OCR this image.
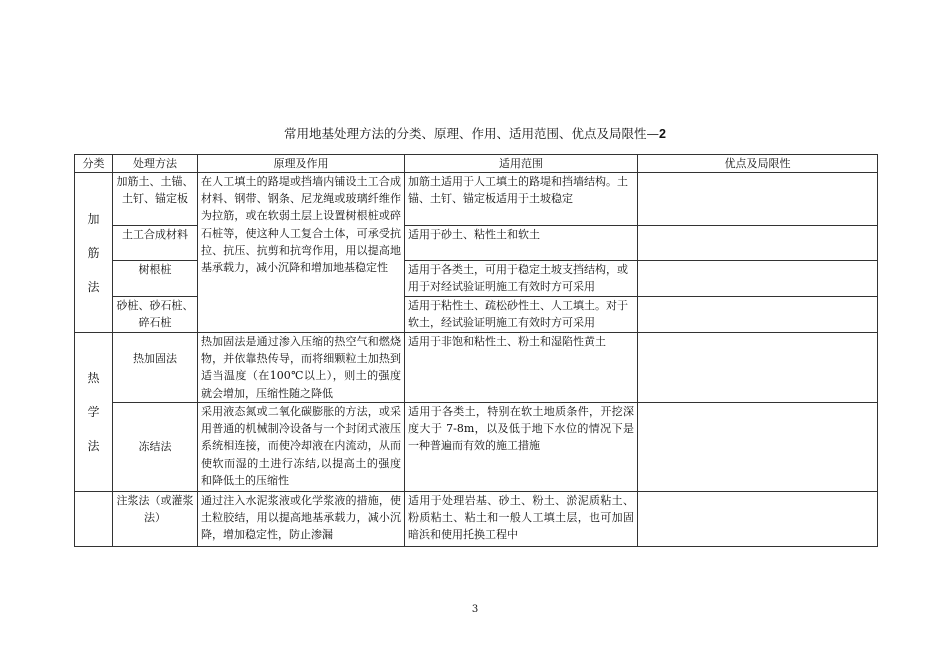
常用地基处理方法的分类、原理、作用、适用范围、优点及局限性—2
分类	处理方法	原理及作用	适用范围	优点及局限性

加
筋
法	加筋土、土锚、土钉、锚定板	在人工填土的路堤或挡墙内铺设土工合成材料、钢带、钢条、尼龙绳或玻璃纤维作为拉筋，或在软弱土层上设置树根桩或碎石桩等，使这种人工复合土体，可承受抗拉、抗压、抗剪和抗弯作用，用以提高地基承载力，减小沉降和增加地基稳定性	加筋土适用于人工填土的路堤和挡墙结构。土锚、土钉、锚定板适用于土坡稳定	
	土工合成材料		适用于砂土、粘性土和软土	
	树根桩		适用于各类土，可用于稳定土坡支挡结构，或用于对经试验证明施工有效时方可采用	
	砂桩、砂石桩、碎石桩		适用于粘性土、疏松砂性土、人工填土。对于软土，经试验证明施工有效时方可采用	

热
学
法	热加固法	热加固法是通过渗入压缩的热空气和燃烧物，并依靠热传导，而将细颗粒土加热到适当温度（在100℃以上），则土的强度就会增加，压缩性随之降低	适用于非饱和粘性土、粉土和湿陷性黄土	
	冻结法	采用液态氮或二氧化碳膨胀的方法，或采用普通的机械制冷设备与一个封闭式液压系统相连接，而使冷却液在内流动，从而使软而湿的土进行冻结,以提高土的强度和降低土的压缩性	适用于各类土，特别在软土地质条件，开挖深度大于 7-8m，以及低于地下水位的情况下是一种普遍而有效的施工措施	
	注浆法（或灌浆法）	通过注入水泥浆液或化学浆液的措施，使土粒胶结，用以提高地基承载力，减小沉降，增加稳定性，防止渗漏	适用于处理岩基、砂土、粉土、淤泥质粘土、粉质粘土、粘土和一般人工填土层，也可加固暗浜和使用托换工程中	
3
